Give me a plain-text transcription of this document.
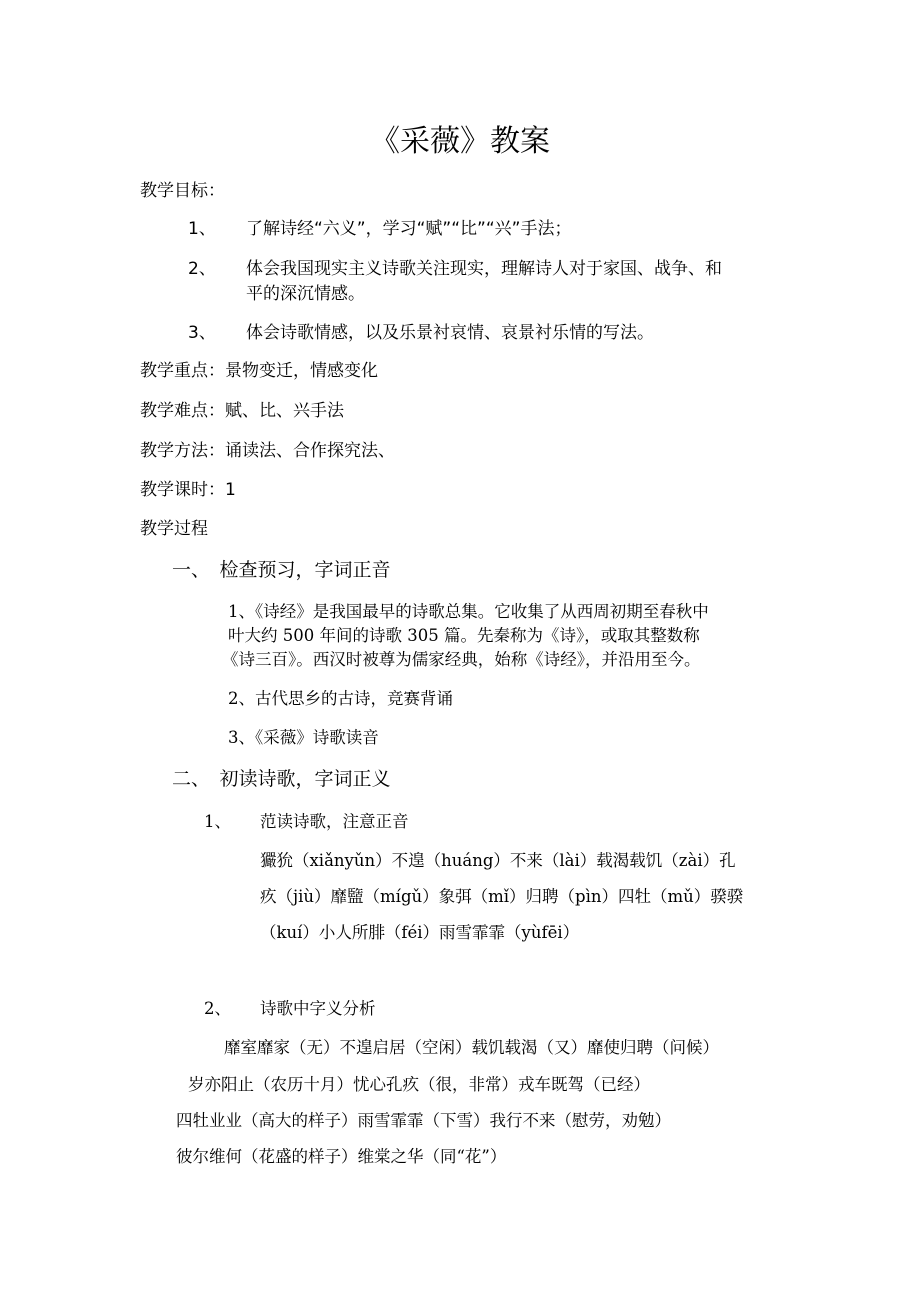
《采薇》教案
教学目标：
1、 了解诗经“六义”，学习“赋”“比”“兴”手法；
2、 体会我国现实主义诗歌关注现实，理解诗人对于家国、战争、和
平的深沉情感。
3、 体会诗歌情感，以及乐景衬哀情、哀景衬乐情的写法。
教学重点：景物变迁，情感变化
教学难点：赋、比、兴手法
教学方法：诵读法、合作探究法、
教学课时：1
教学过程
一、　检查预习，字词正音
1、《诗经》是我国最早的诗歌总集。它收集了从西周初期至春秋中
叶大约 500 年间的诗歌 305 篇。先秦称为《诗》，或取其整数称
《诗三百》。西汉时被尊为儒家经典，始称《诗经》，并沿用至今。
2、古代思乡的古诗，竞赛背诵
3、《采薇》诗歌读音
二、　初读诗歌，字词正义
1、 范读诗歌，注意正音
玁狁（xiǎnyǔn）不遑（huáng）不来（lài）载渴载饥（zài）孔
疚（jiù）靡盬（mígǔ）象弭（mǐ）归聘（pìn）四牡（mǔ）骙骙
（kuí）小人所腓（féi）雨雪霏霏（yùfēi）
2、 诗歌中字义分析
靡室靡家（无）不遑启居（空闲）载饥载渴（又）靡使归聘（问候）
岁亦阳止（农历十月）忧心孔疚（很，非常）戎车既驾（已经）
四牡业业（高大的样子）雨雪霏霏（下雪）我行不来（慰劳，劝勉）
彼尔维何（花盛的样子）维棠之华（同“花”）
